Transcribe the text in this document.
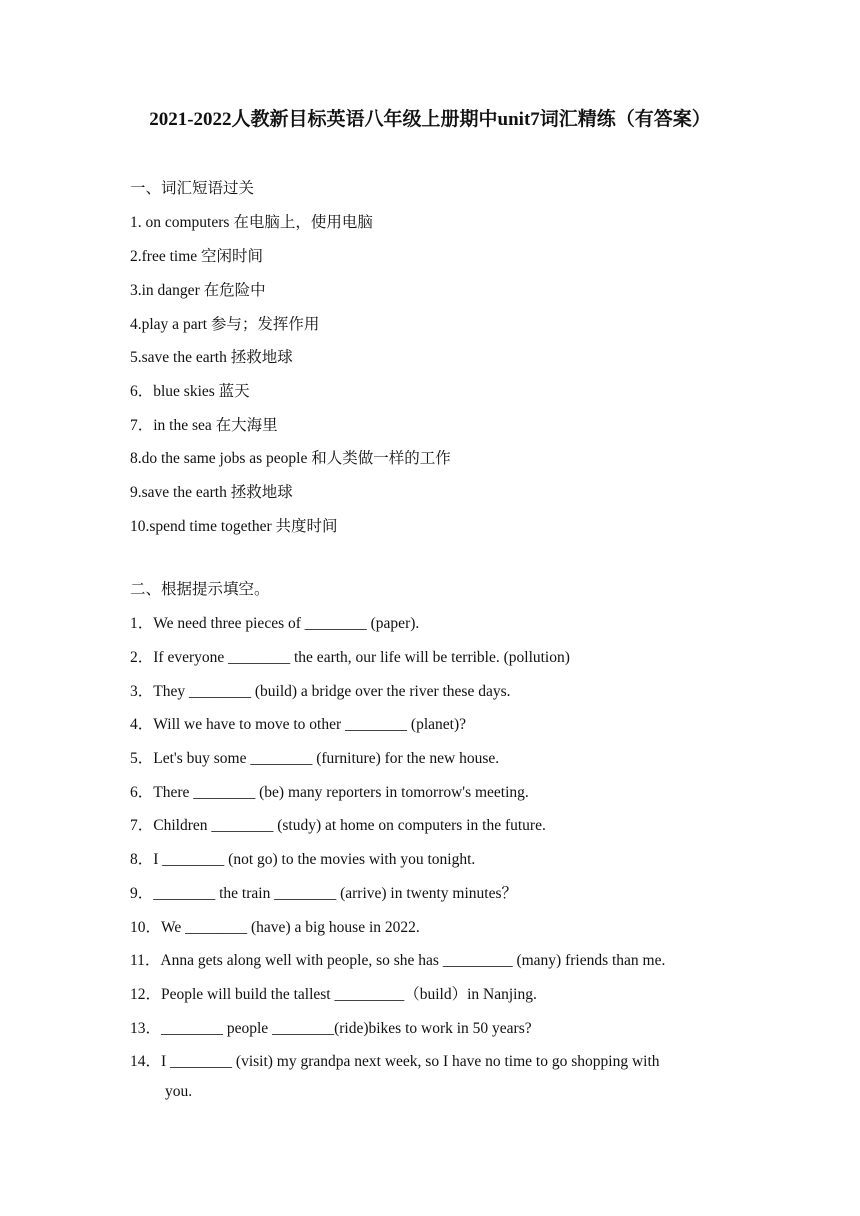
2021-2022人教新目标英语八年级上册期中unit7词汇精练（有答案）
一、词汇短语过关
1. on computers 在电脑上，使用电脑
2.free time 空闲时间
3.in danger 在危险中
4.play a part 参与；发挥作用
5.save the earth 拯救地球
6．blue skies 蓝天
7．in the sea 在大海里
8.do the same jobs as people 和人类做一样的工作
9.save the earth 拯救地球
10.spend time together 共度时间
二、根据提示填空。
1．We need three pieces of ________ (paper).
2．If everyone ________ the earth, our life will be terrible. (pollution)
3．They ________ (build) a bridge over the river these days.
4．Will we have to move to other ________ (planet)?
5．Let's buy some ________ (furniture) for the new house.
6．There ________ (be) many reporters in tomorrow's meeting.
7．Children ________ (study) at home on computers in the future.
8．I ________ (not go) to the movies with you tonight.
9．________ the train ________ (arrive) in twenty minutes？
10．We ________ (have) a big house in 2022.
11．Anna gets along well with people, so she has _________ (many) friends than me.
12．People will build the tallest _________（build）in Nanjing.
13．________ people ________(ride)bikes to work in 50 years?
14．I ________ (visit) my grandpa next week, so I have no time to go shopping with
you.
